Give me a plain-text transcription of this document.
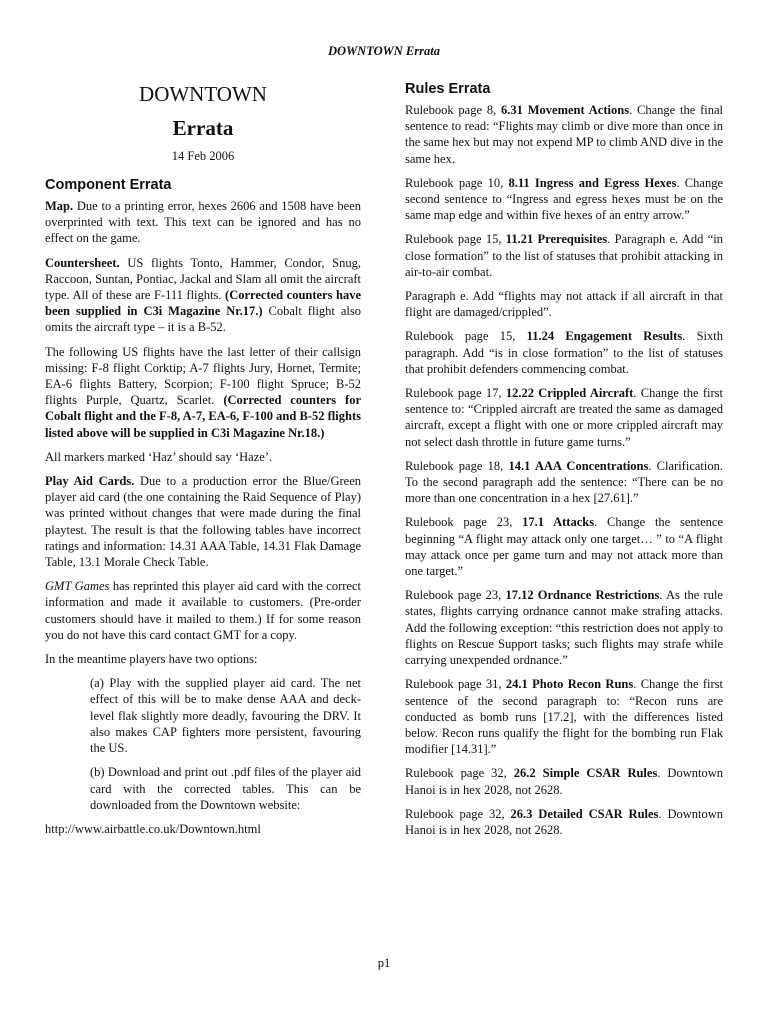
DOWNTOWN Errata
DOWNTOWN
Errata
14 Feb 2006
Component Errata

Map. Due to a printing error, hexes 2606 and 1508 have been overprinted with text. This text can be ignored and has no effect on the game.

Countersheet. US flights Tonto, Hammer, Condor, Snug, Raccoon, Suntan, Pontiac, Jackal and Slam all omit the aircraft type. All of these are F-111 flights. (Corrected counters have been supplied in C3i Magazine Nr.17.) Cobalt flight also omits the aircraft type – it is a B-52.

The following US flights have the last letter of their callsign missing: F-8 flight Corktip; A-7 flights Jury, Hornet, Termite; EA-6 flights Battery, Scorpion; F-100 flight Spruce; B-52 flights Purple, Quartz, Scarlet. (Corrected counters for Cobalt flight and the F-8, A-7, EA-6, F-100 and B-52 flights listed above will be supplied in C3i Magazine Nr.18.)

All markers marked ‘Haz’ should say ‘Haze’.

Play Aid Cards. Due to a production error the Blue/Green player aid card (the one containing the Raid Sequence of Play) was printed without changes that were made during the final playtest. The result is that the following tables have incorrect ratings and information: 14.31 AAA Table, 14.31 Flak Damage Table, 13.1 Morale Check Table.

GMT Games has reprinted this player aid card with the correct information and made it available to customers. (Pre-order customers should have it mailed to them.) If for some reason you do not have this card contact GMT for a copy.

In the meantime players have two options:

(a) Play with the supplied player aid card. The net effect of this will be to make dense AAA and deck-level flak slightly more deadly, favouring the DRV. It also makes CAP fighters more persistent, favouring the US.

(b) Download and print out .pdf files of the player aid card with the corrected tables. This can be downloaded from the Downtown website:

http://www.airbattle.co.uk/Downtown.html

Rules Errata

Rulebook page 8, 6.31 Movement Actions. Change the final sentence to read: “Flights may climb or dive more than once in the same hex but may not expend MP to climb AND dive in the same hex.

Rulebook page 10, 8.11 Ingress and Egress Hexes. Change second sentence to “Ingress and egress hexes must be on the same map edge and within five hexes of an entry arrow.”

Rulebook page 15, 11.21 Prerequisites. Paragraph e. Add “in close formation” to the list of statuses that prohibit attacking in air-to-air combat.

Paragraph e. Add “flights may not attack if all aircraft in that flight are damaged/crippled”.

Rulebook page 15, 11.24 Engagement Results. Sixth paragraph. Add “is in close formation” to the list of statuses that prohibit defenders commencing combat.

Rulebook page 17, 12.22 Crippled Aircraft. Change the first sentence to: “Crippled aircraft are treated the same as damaged aircraft, except a flight with one or more crippled aircraft may not select dash throttle in future game turns.”

Rulebook page 18, 14.1 AAA Concentrations. Clarification. To the second paragraph add the sentence: “There can be no more than one concentration in a hex [27.61].”

Rulebook page 23, 17.1 Attacks. Change the sentence beginning “A flight may attack only one target… ” to “A flight may attack once per game turn and may not attack more than one target.”

Rulebook page 23, 17.12 Ordnance Restrictions. As the rule states, flights carrying ordnance cannot make strafing attacks. Add the following exception: “this restriction does not apply to flights on Rescue Support tasks; such flights may strafe while carrying unexpended ordnance.”

Rulebook page 31, 24.1 Photo Recon Runs. Change the first sentence of the second paragraph to: “Recon runs are conducted as bomb runs [17.2], with the differences listed below. Recon runs qualify the flight for the bombing run Flak modifier [14.31].”

Rulebook page 32, 26.2 Simple CSAR Rules. Downtown Hanoi is in hex 2028, not 2628.

Rulebook page 32, 26.3 Detailed CSAR Rules. Downtown Hanoi is in hex 2028, not 2628.

p1
